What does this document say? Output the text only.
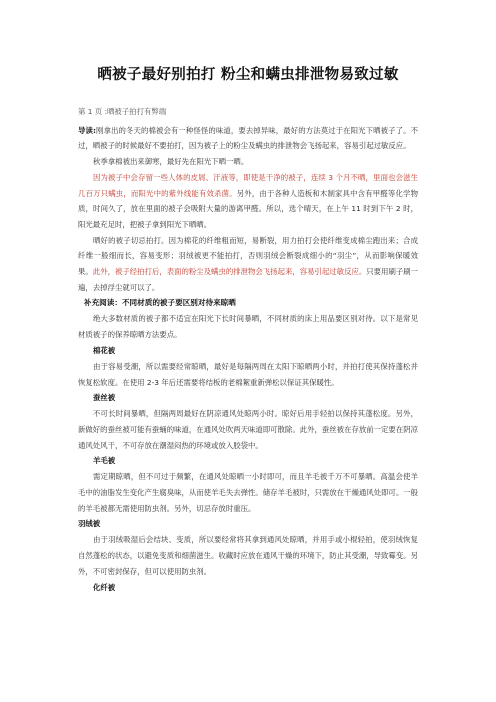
晒被子最好别拍打 粉尘和螨虫排泄物易致过敏

第 1 页 :晒被子拍打有弊端

导读:刚拿出的冬天的棉被会有一种怪怪的味道，要去掉异味，最好的方法莫过于在阳光下晒被子了。不过，晒被子的时候最好不要拍打，因为被子上的粉尘及螨虫的排泄物会飞扬起来，容易引起过敏反应。

秋季拿棉被出来御寒，最好先在阳光下晒一晒。

因为被子中会存留一些人体的皮屑、汗液等，即使是干净的被子，连续 3 个月不晒，里面也会滋生几百万只螨虫，而阳光中的紫外线能有效杀菌。另外，由于各种人造板和木制家具中含有甲醛等化学物质，时间久了，放在里面的被子会吸附大量的游离甲醛。所以，选个晴天，在上午 11 时到下午 2 时，阳光最充足时，把被子拿到阳光下晒晒。

晒好的被子切忌拍打。因为棉花的纤维粗而短，易断裂，用力拍打会使纤维变成棉尘跑出来；合成纤维一般细而长，容易变形；羽绒被更不能拍打，否则羽绒会断裂成细小的“羽尘”，从而影响保暖效果。此外，被子经拍打后，表面的粉尘及螨虫的排泄物会飞扬起来，容易引起过敏反应。只要用刷子刷一遍，去掉浮尘就可以了。

补充阅读：不同材质的被子要区别对待来晾晒

绝大多数材质的被子都不适宜在阳光下长时间暴晒，不同材质的床上用品要区别对待。以下是常见材质被子的保养晾晒方法要点。

棉花被

由于容易受潮，所以需要经常晾晒，最好是每隔两周在太阳下晾晒两小时，并拍打使其保持蓬松并恢复松软度。在使用 2-3 年后还需要将结板的老棉絮重新弹松以保证其保暖性。

蚕丝被

不可长时间暴晒，但隔两周最好在阴凉通风处晾两小时。晾好后用手轻拍以保持其蓬松度。另外，新做好的蚕丝被可能有蚕蛹的味道，在通风处吹两天味道即可散除。此外，蚕丝被在存放前一定要在阴凉通风处风干，不可存放在潮湿闷热的环境或放入胶袋中。

羊毛被

需定期晾晒，但不可过于频繁，在通风处晾晒一小时即可，而且羊毛被千万不可暴晒。高温会使羊毛中的油脂发生变化产生腐臭味，从而使羊毛失去弹性。储存羊毛被时，只需放在干燥通风处即可。一般的羊毛被都无需使用防虫剂。另外，切忌存放时重压。

羽绒被

由于羽绒吸湿后会结块、变质，所以要经常将其拿到通风处晾晒，并用手或小棍轻拍，使羽绒恢复自然蓬松的状态，以避免变质和细菌滋生。收藏时应放在通风干燥的环境下，防止其受潮，导致霉变。另外，不可密封保存，但可以使用防虫剂。

化纤被
